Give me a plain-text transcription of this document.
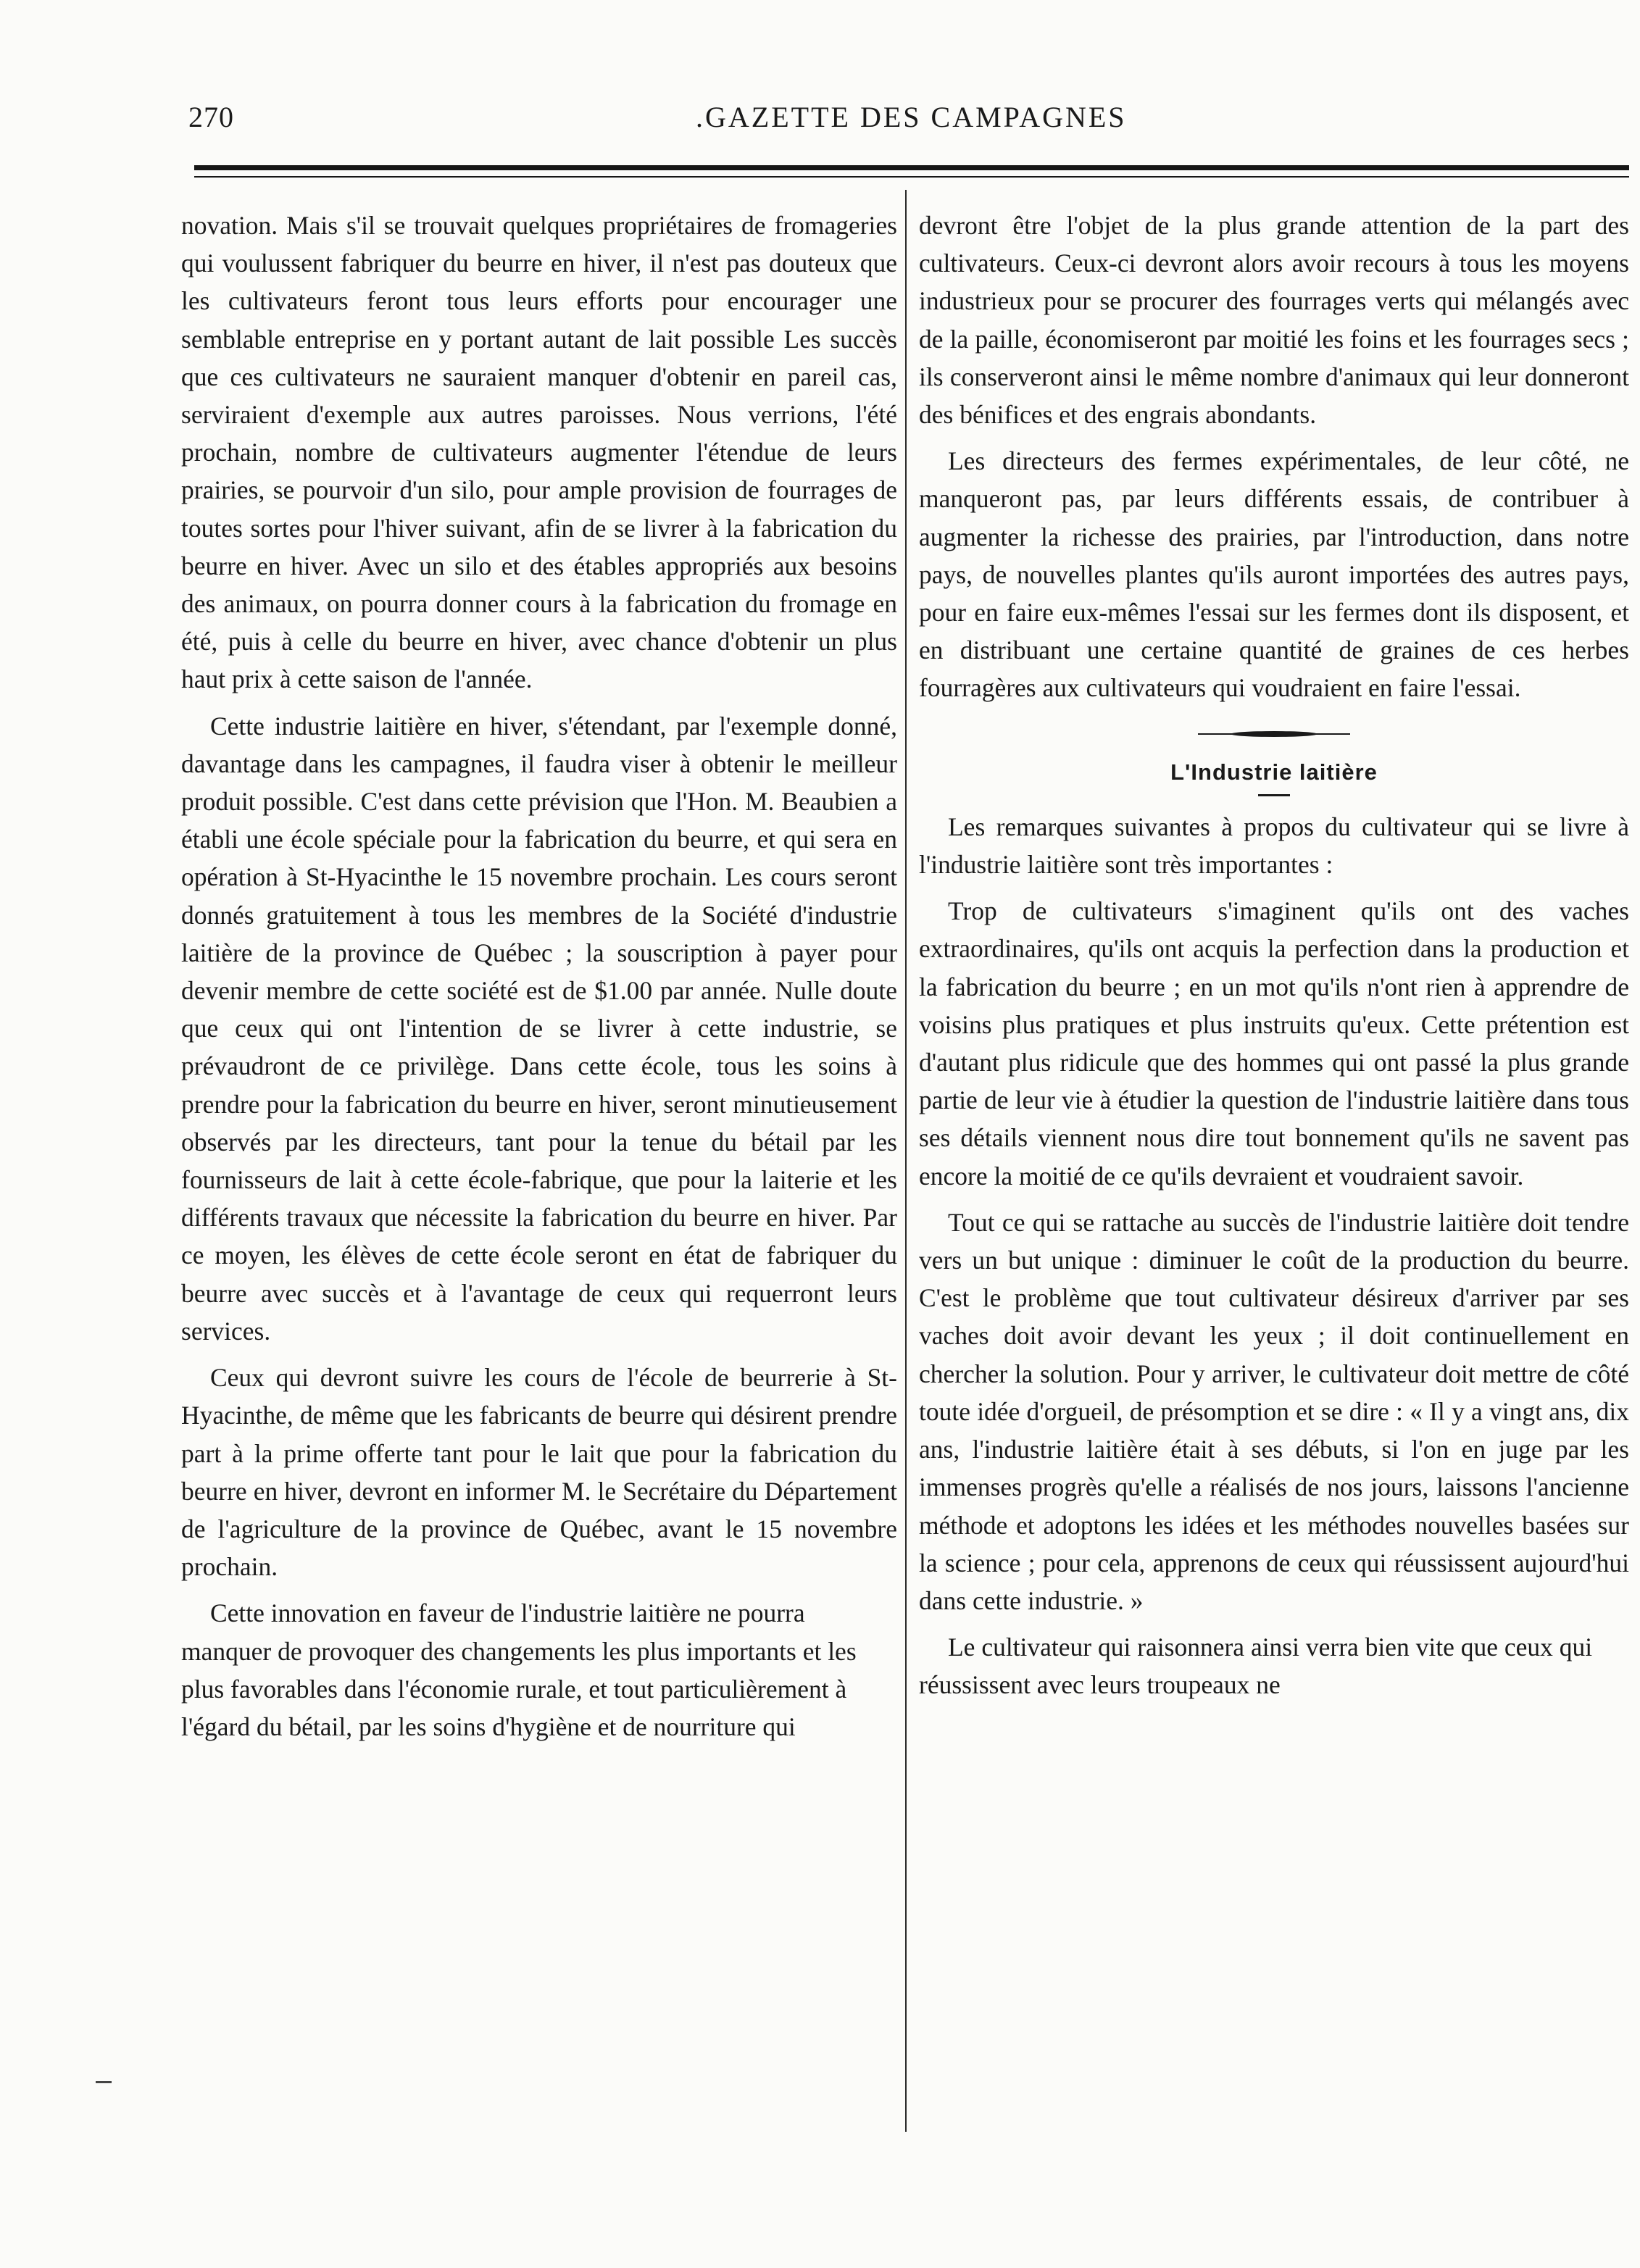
270	.GAZETTE DES CAMPAGNES

novation. Mais s'il se trouvait quelques propriétaires de fromageries qui voulussent fabriquer du beurre en hiver, il n'est pas douteux que les cultivateurs feront tous leurs efforts pour encourager une semblable entreprise en y portant autant de lait possible Les succès que ces cultivateurs ne sauraient manquer d'obtenir en pareil cas, serviraient d'exemple aux autres paroisses. Nous verrions, l'été prochain, nombre de cultivateurs augmenter l'étendue de leurs prairies, se pourvoir d'un silo, pour ample provision de fourrages de toutes sortes pour l'hiver suivant, afin de se livrer à la fabrication du beurre en hiver. Avec un silo et des étables appropriés aux besoins des animaux, on pourra donner cours à la fabrication du fromage en été, puis à celle du beurre en hiver, avec chance d'obtenir un plus haut prix à cette saison de l'année.

Cette industrie laitière en hiver, s'étendant, par l'exemple donné, davantage dans les campagnes, il faudra viser à obtenir le meilleur produit possible. C'est dans cette prévision que l'Hon. M. Beaubien a établi une école spéciale pour la fabrication du beurre, et qui sera en opération à St-Hyacinthe le 15 novembre prochain. Les cours seront donnés gratuitement à tous les membres de la Société d'industrie laitière de la province de Québec ; la souscription à payer pour devenir membre de cette société est de $1.00 par année. Nulle doute que ceux qui ont l'intention de se livrer à cette industrie, se prévaudront de ce privilège. Dans cette école, tous les soins à prendre pour la fabrication du beurre en hiver, seront minutieusement observés par les directeurs, tant pour la tenue du bétail par les fournisseurs de lait à cette école-fabrique, que pour la laiterie et les différents travaux que nécessite la fabrication du beurre en hiver. Par ce moyen, les élèves de cette école seront en état de fabriquer du beurre avec succès et à l'avantage de ceux qui requerront leurs services.

Ceux qui devront suivre les cours de l'école de beurrerie à St-Hyacinthe, de même que les fabricants de beurre qui désirent prendre part à la prime offerte tant pour le lait que pour la fabrication du beurre en hiver, devront en informer M. le Secrétaire du Département de l'agriculture de la province de Québec, avant le 15 novembre prochain.

Cette innovation en faveur de l'industrie laitière ne pourra manquer de provoquer des changements les plus importants et les plus favorables dans l'économie rurale, et tout particulièrement à l'égard du bétail, par les soins d'hygiène et de nourriture qui

devront être l'objet de la plus grande attention de la part des cultivateurs. Ceux-ci devront alors avoir recours à tous les moyens industrieux pour se procurer des fourrages verts qui mélangés avec de la paille, économiseront par moitié les foins et les fourrages secs ; ils conserveront ainsi le même nombre d'animaux qui leur donneront des bénifices et des engrais abondants.

Les directeurs des fermes expérimentales, de leur côté, ne manqueront pas, par leurs différents essais, de contribuer à augmenter la richesse des prairies, par l'introduction, dans notre pays, de nouvelles plantes qu'ils auront importées des autres pays, pour en faire eux-mêmes l'essai sur les fermes dont ils disposent, et en distribuant une certaine quantité de graines de ces herbes fourragères aux cultivateurs qui voudraient en faire l'essai.

L'Industrie laitière

Les remarques suivantes à propos du cultivateur qui se livre à l'industrie laitière sont très importantes :

Trop de cultivateurs s'imaginent qu'ils ont des vaches extraordinaires, qu'ils ont acquis la perfection dans la production et la fabrication du beurre ; en un mot qu'ils n'ont rien à apprendre de voisins plus pratiques et plus instruits qu'eux. Cette prétention est d'autant plus ridicule que des hommes qui ont passé la plus grande partie de leur vie à étudier la question de l'industrie laitière dans tous ses détails viennent nous dire tout bonnement qu'ils ne savent pas encore la moitié de ce qu'ils devraient et voudraient savoir.

Tout ce qui se rattache au succès de l'industrie laitière doit tendre vers un but unique : diminuer le coût de la production du beurre. C'est le problème que tout cultivateur désireux d'arriver par ses vaches doit avoir devant les yeux ; il doit continuellement en chercher la solution. Pour y arriver, le cultivateur doit mettre de côté toute idée d'orgueil, de présomption et se dire : « Il y a vingt ans, dix ans, l'industrie laitière était à ses débuts, si l'on en juge par les immenses progrès qu'elle a réalisés de nos jours, laissons l'ancienne méthode et adoptons les idées et les méthodes nouvelles basées sur la science ; pour cela, apprenons de ceux qui réussissent aujourd'hui dans cette industrie. »

Le cultivateur qui raisonnera ainsi verra bien vite que ceux qui réussissent avec leurs troupeaux ne
